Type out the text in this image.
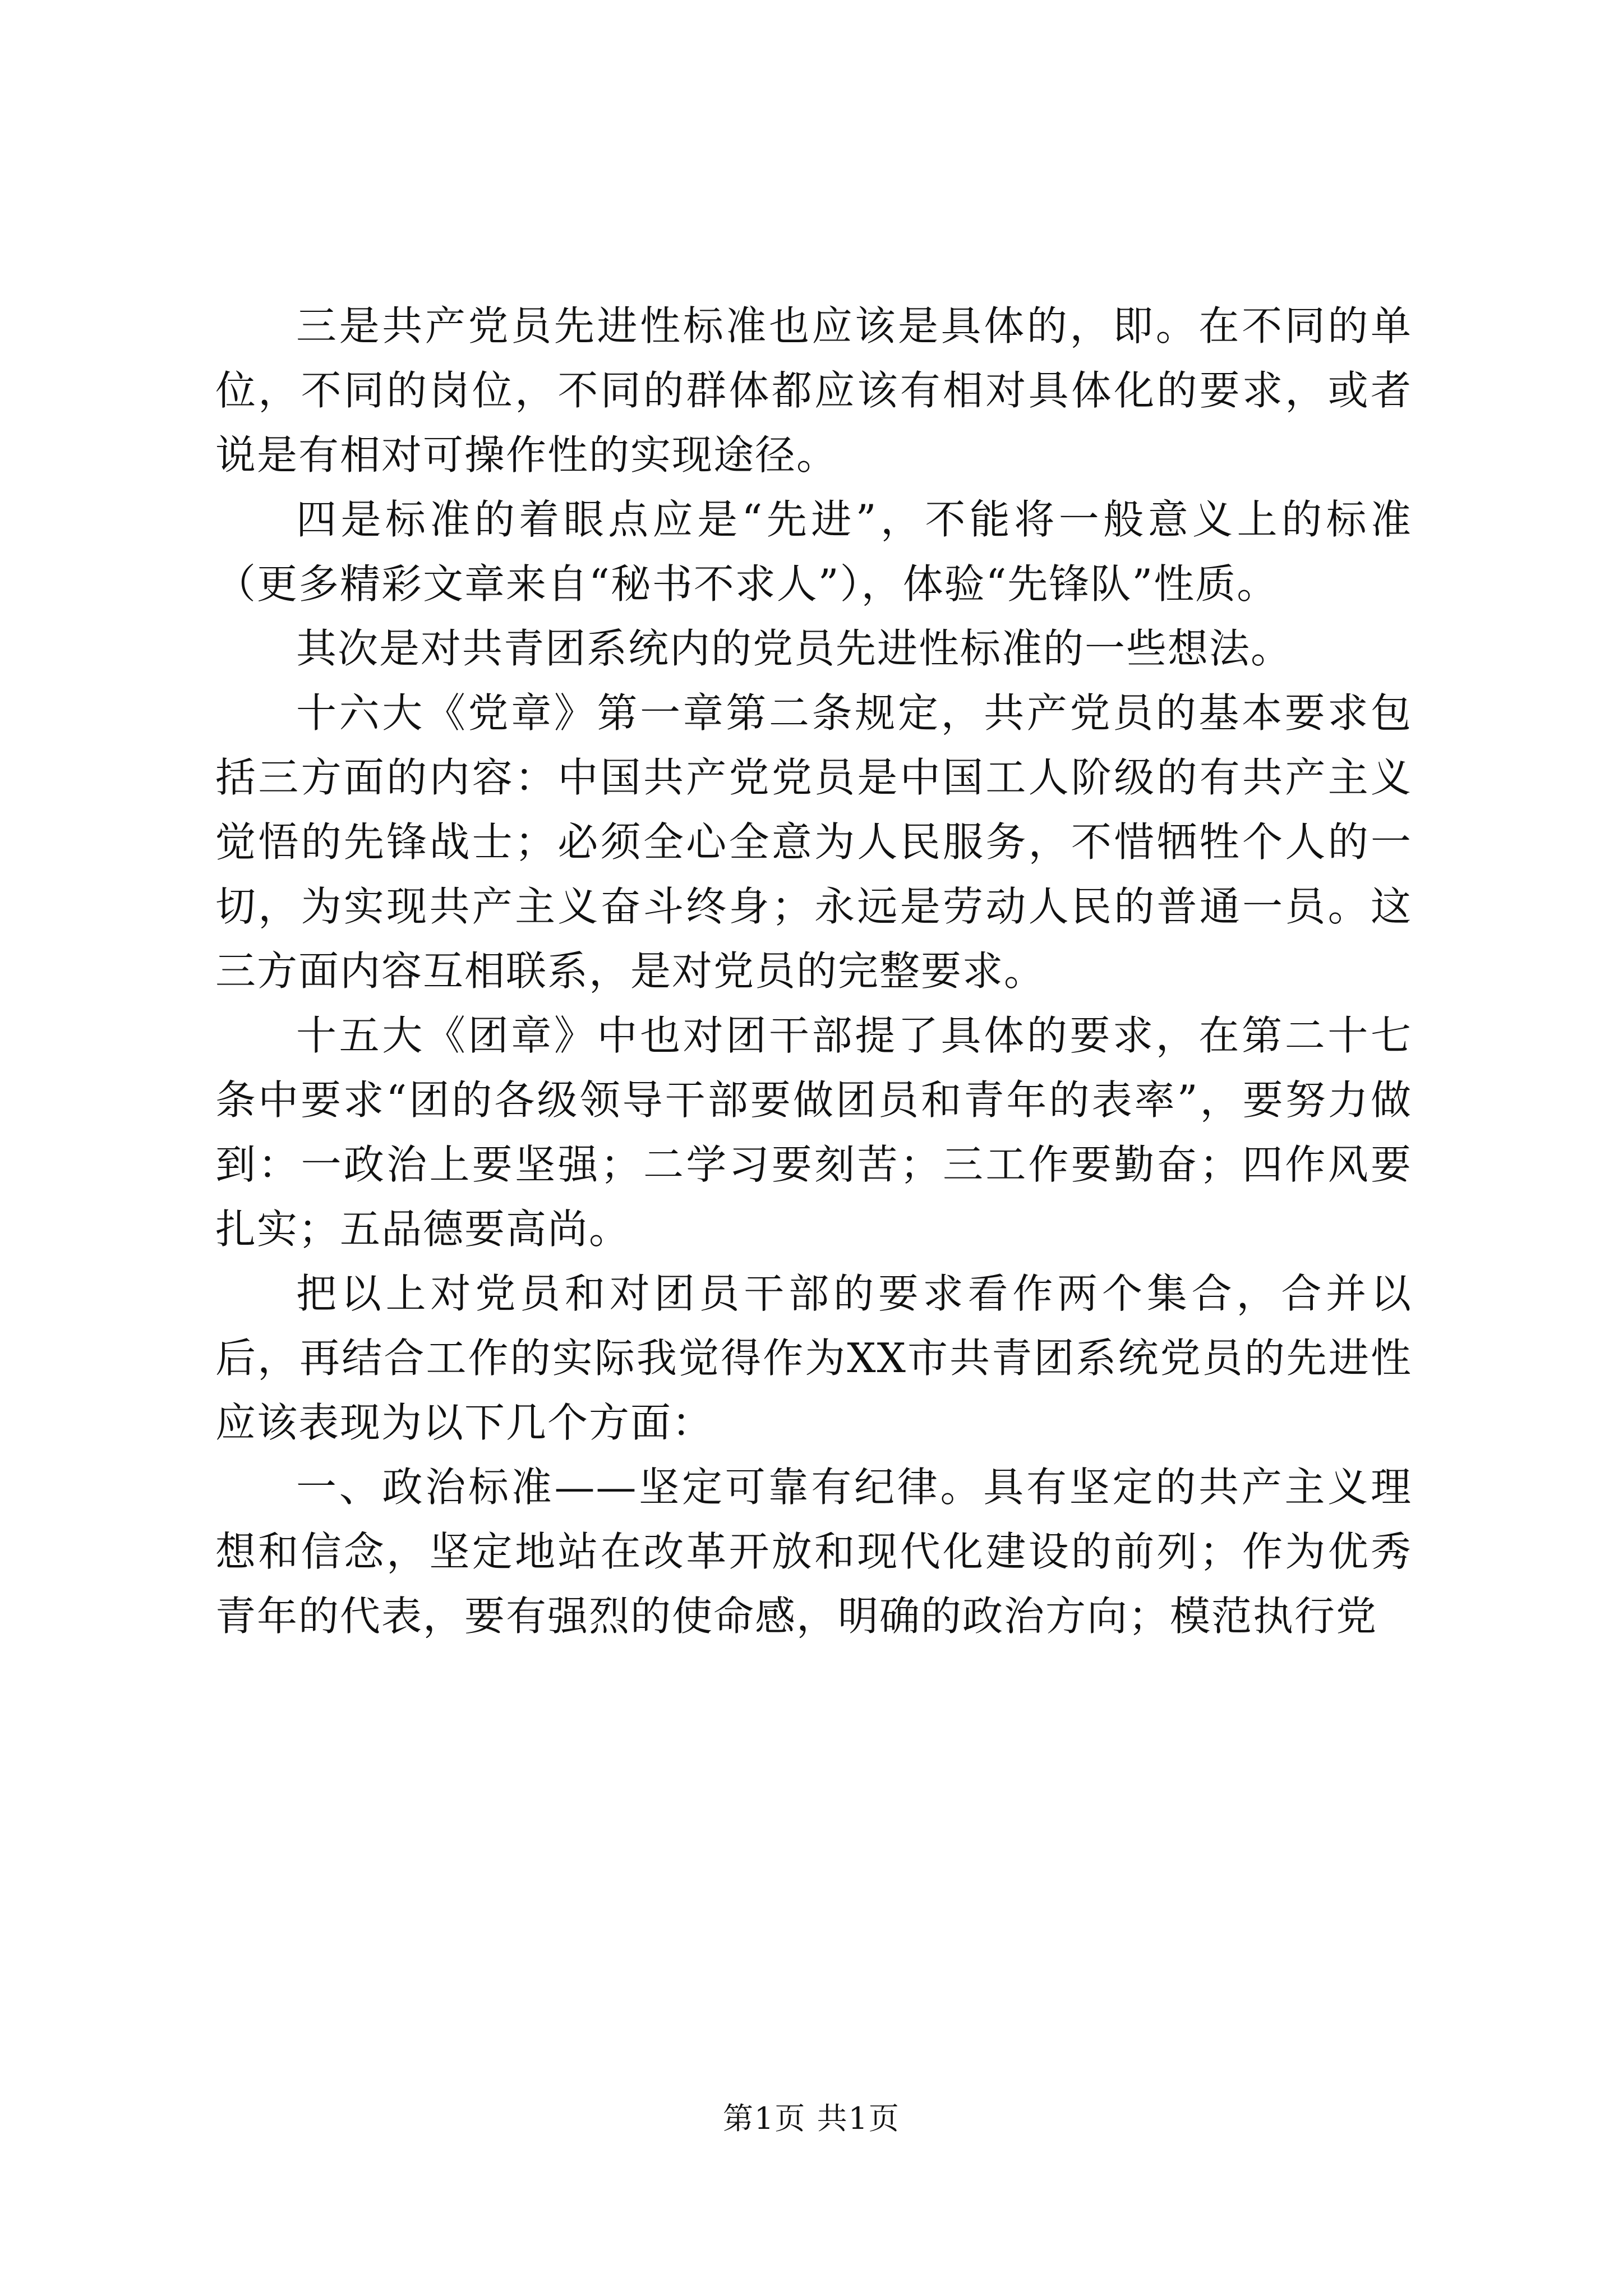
三是共产党员先进性标准也应该是具体的，即。在不同的单位，不同的岗位，不同的群体都应该有相对具体化的要求，或者说是有相对可操作性的实现途径。

四是标准的着眼点应是“先进”，不能将一般意义上的标准（更多精彩文章来自“秘书不求人”），体验“先锋队”性质。

其次是对共青团系统内的党员先进性标准的一些想法。

十六大《党章》第一章第二条规定，共产党员的基本要求包括三方面的内容：中国共产党党员是中国工人阶级的有共产主义觉悟的先锋战士；必须全心全意为人民服务，不惜牺牲个人的一切，为实现共产主义奋斗终身；永远是劳动人民的普通一员。这三方面内容互相联系，是对党员的完整要求。

十五大《团章》中也对团干部提了具体的要求，在第二十七条中要求“团的各级领导干部要做团员和青年的表率”，要努力做到：一政治上要坚强；二学习要刻苦；三工作要勤奋；四作风要扎实；五品德要高尚。

把以上对党员和对团员干部的要求看作两个集合，合并以后，再结合工作的实际我觉得作为XX市共青团系统党员的先进性应该表现为以下几个方面：

一、政治标准——坚定可靠有纪律。具有坚定的共产主义理想和信念，坚定地站在改革开放和现代化建设的前列；作为优秀青年的代表，要有强烈的使命感，明确的政治方向；模范执行党

第1页 共1页
